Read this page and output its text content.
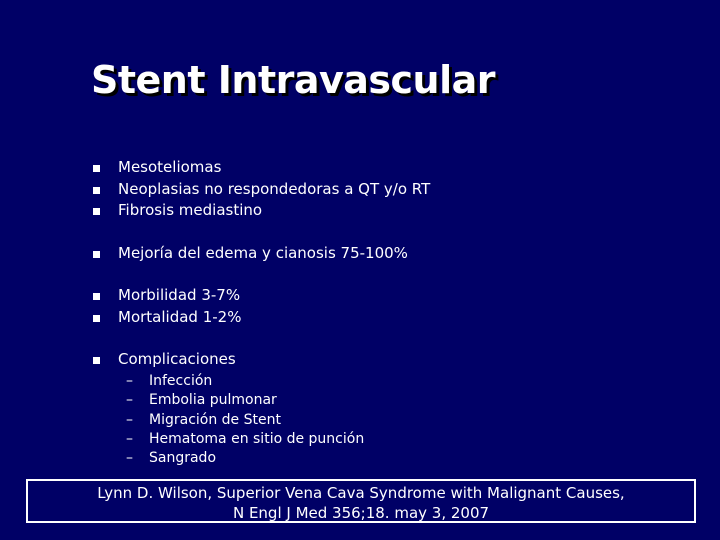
Stent Intravascular
Mesoteliomas
Neoplasias no respondedoras a QT y/o RT
Fibrosis mediastino
Mejoría del edema y cianosis 75-100%
Morbilidad 3-7%
Mortalidad 1-2%
Complicaciones
– Infección
– Embolia pulmonar
– Migración de Stent
– Hematoma en sitio de punción
– Sangrado
Lynn D. Wilson, Superior Vena Cava Syndrome with Malignant Causes,
N Engl J Med 356;18. may 3, 2007
